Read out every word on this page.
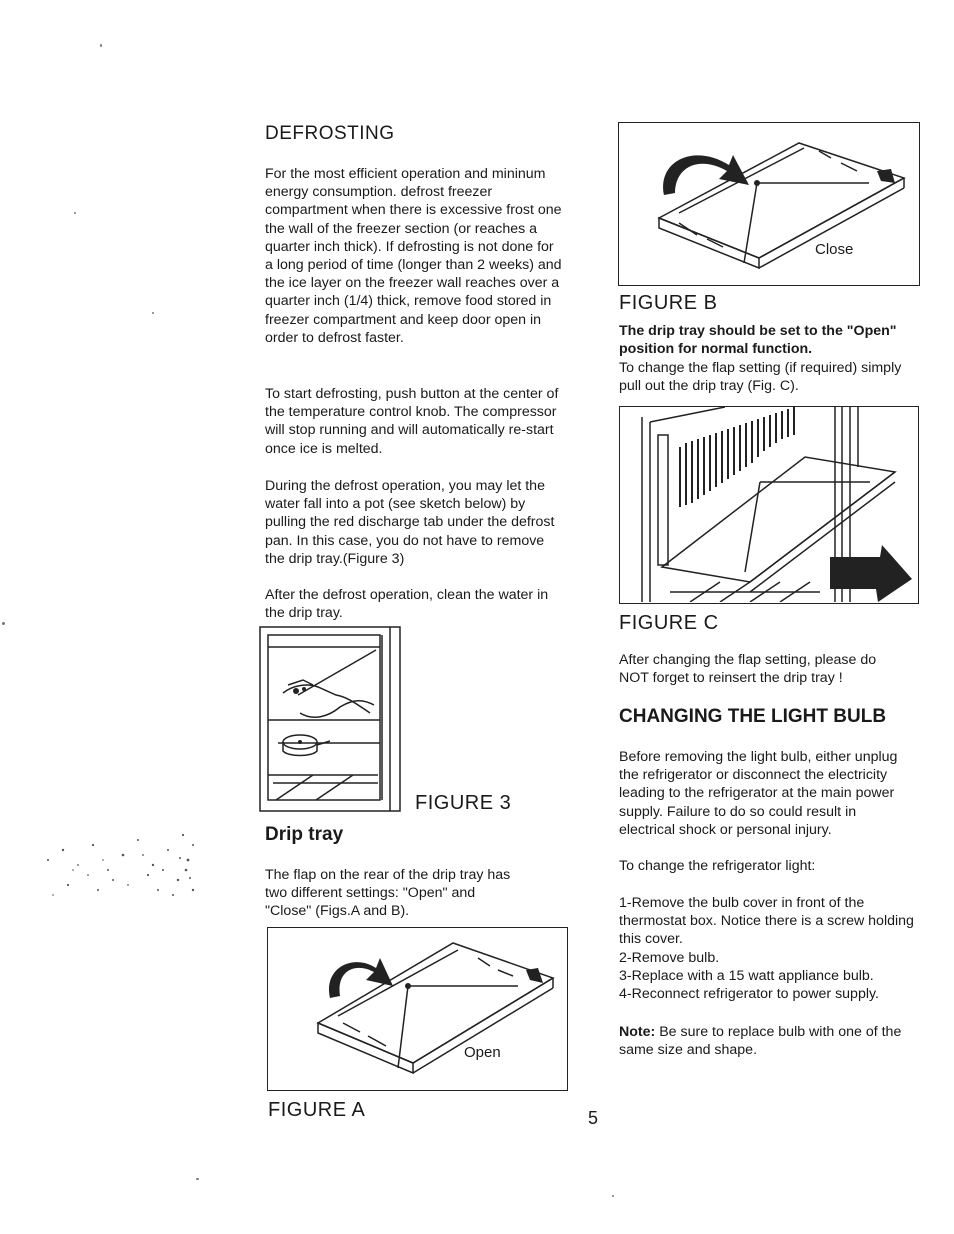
DEFROSTING

For the most efficient operation and mininum energy consumption. defrost freezer compartment when there is excessive frost one the wall of the freezer section (or reaches a quarter inch thick). If defrosting is not done for a long period of time (longer than 2 weeks) and the ice layer on the freezer wall reaches over a quarter inch (1/4) thick, remove food stored in freezer compartment and keep door open in order to defrost faster.

To start defrosting, push button at the center of the temperature control knob. The compressor will stop running and will automatically re-start once ice is melted.

During the defrost operation, you may let the water fall into a pot (see sketch below) by pulling the red discharge tab under the defrost pan. In this case, you do not have to remove the drip tray.(Figure 3)

After the defrost operation, clean the water in the drip tray.

FIGURE 3
Drip tray

The flap on the rear of the drip tray has two different settings: "Open" and "Close" (Figs.A and B).

Open
FIGURE A
Close
FIGURE B

The drip tray should be set to the "Open" position for normal function.

To change the flap setting (if required) simply pull out the drip tray (Fig. C).

FIGURE C

After changing the flap setting, please do NOT forget to reinsert the drip tray !

CHANGING THE LIGHT BULB

Before removing the light bulb, either unplug the refrigerator or disconnect the electricity leading to the refrigerator at the main power supply. Failure to do so could result in electrical shock or personal injury.

To change the refrigerator light:

1-Remove the bulb cover in front of the thermostat box. Notice there is a screw holding this cover.

2-Remove bulb.

3-Replace with a 15 watt appliance bulb.

4-Reconnect refrigerator to power supply.

Note: Be sure to replace bulb with one of the same size and shape.

5
